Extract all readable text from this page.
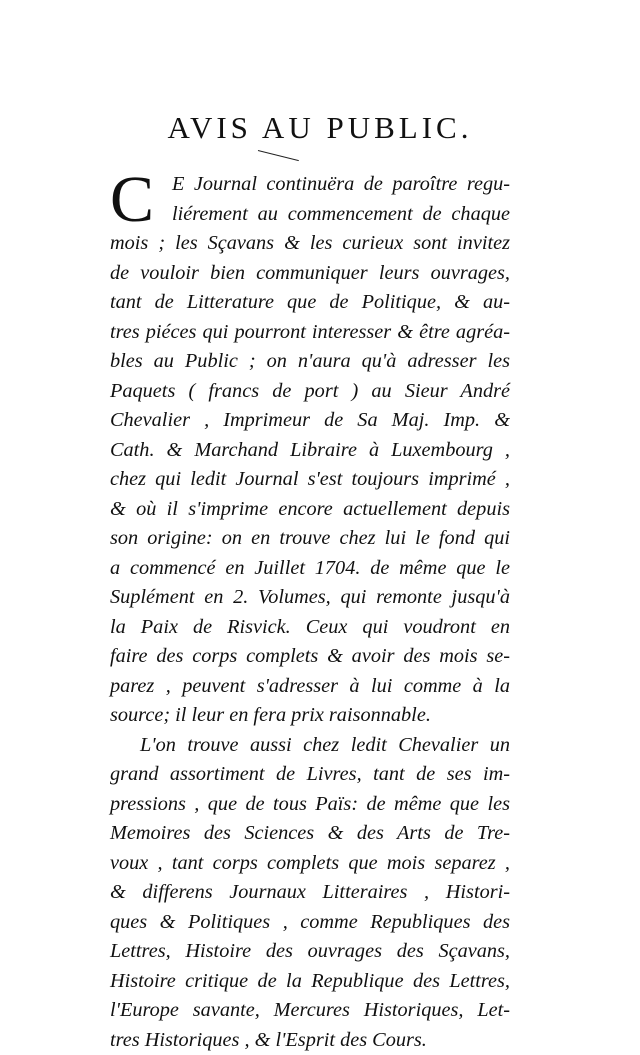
AVIS AU PUBLIC.
C E Journal continuëra de paroître regu-
liérement au commencement de chaque
mois ; les Sçavans & les curieux sont invitez
de vouloir bien communiquer leurs ouvrages,
tant de Litterature que de Politique, & au-
tres piéces qui pourront interesser & être agréa-
bles au Public ; on n'aura qu'à adresser les
Paquets ( francs de port ) au Sieur André
Chevalier , Imprimeur de Sa Maj. Imp. &
Cath. & Marchand Libraire à Luxembourg ,
chez qui ledit Journal s'est toujours imprimé ,
& où il s'imprime encore actuellement depuis
son origine: on en trouve chez lui le fond qui
a commencé en Juillet 1704. de même que le
Suplément en 2. Volumes, qui remonte jusqu'à
la Paix de Risvick. Ceux qui voudront en
faire des corps complets & avoir des mois se-
parez , peuvent s'adresser à lui comme à la
source; il leur en fera prix raisonnable.
L'on trouve aussi chez ledit Chevalier un
grand assortiment de Livres, tant de ses im-
pressions , que de tous Païs: de même que les
Memoires des Sciences & des Arts de Tre-
voux , tant corps complets que mois separez ,
& differens Journaux Litteraires , Histori-
ques & Politiques , comme Republiques des
Lettres, Histoire des ouvrages des Sçavans,
Histoire critique de la Republique des Lettres,
l'Europe savante, Mercures Historiques, Let-
tres Historiques , & l'Esprit des Cours.
